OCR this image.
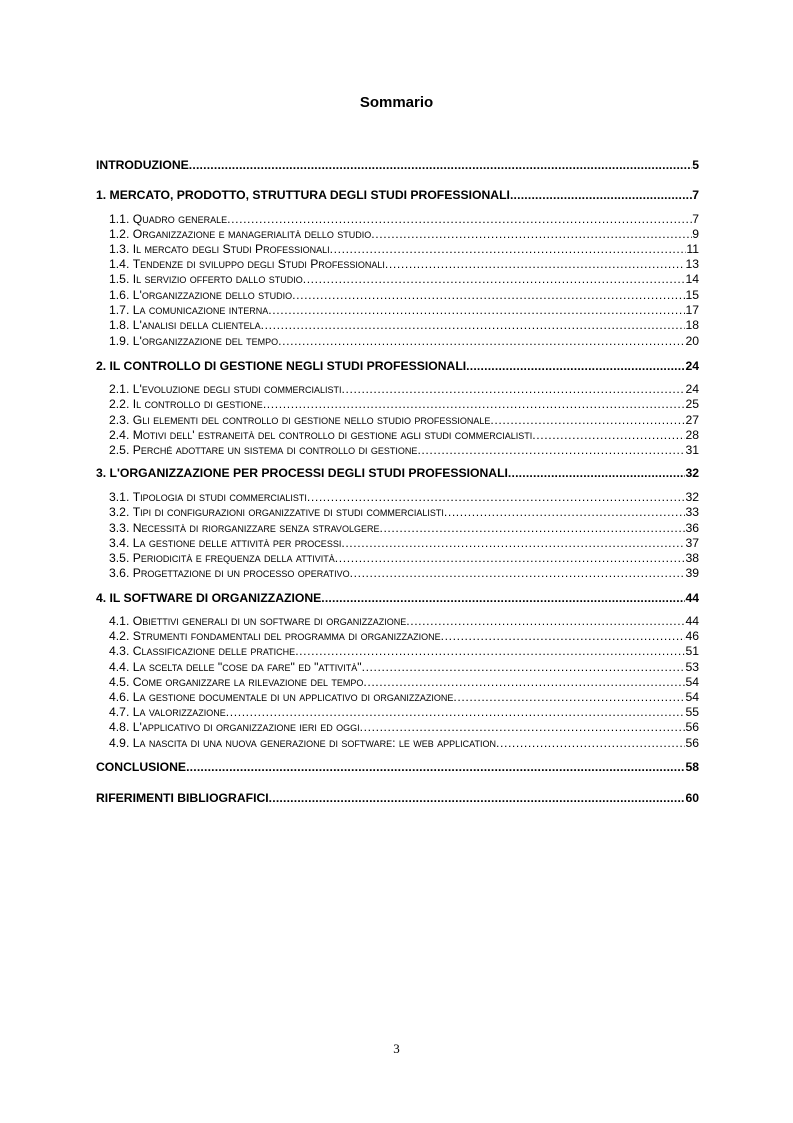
Sommario
INTRODUZIONE .....	5
1. MERCATO, PRODOTTO, STRUTTURA DEGLI STUDI PROFESSIONALI .....	7
1.1. Quadro generale .....	7
1.2. Organizzazione e managerialità dello studio .....	9
1.3. Il mercato degli Studi Professionali .....	11
1.4. Tendenze di sviluppo degli Studi Professionali .....	13
1.5. Il servizio offerto dallo studio .....	14
1.6. L'organizzazione dello studio .....	15
1.7. La comunicazione interna .....	17
1.8. L'analisi della clientela .....	18
1.9. L'organizzazione del tempo .....	20
2. IL CONTROLLO DI GESTIONE NEGLI STUDI PROFESSIONALI .....	24
2.1. L'evoluzione degli studi commercialisti .....	24
2.2. Il controllo di gestione .....	25
2.3. Gli elementi del controllo di gestione nello studio professionale .....	27
2.4. Motivi dell' estraneità del controllo di gestione agli studi commercialisti .....	28
2.5. Perché adottare un sistema di controllo di gestione .....	31
3. L'ORGANIZZAZIONE PER PROCESSI DEGLI STUDI PROFESSIONALI .....	32
3.1. Tipologia di studi commercialisti .....	32
3.2. Tipi di configurazioni organizzative di studi commercialisti .....	33
3.3. Necessità di riorganizzare senza stravolgere .....	36
3.4. La gestione delle attività per processi .....	37
3.5. Periodicità e frequenza della attività .....	38
3.6. Progettazione di un processo operativo .....	39
4. IL SOFTWARE DI ORGANIZZAZIONE .....	44
4.1. Obiettivi generali di un software di organizzazione .....	44
4.2. Strumenti fondamentali del programma di organizzazione .....	46
4.3. Classificazione delle pratiche .....	51
4.4. La scelta delle "cose da fare" ed "attività" .....	53
4.5. Come organizzare la rilevazione del tempo .....	54
4.6. La gestione documentale di un applicativo di organizzazione .....	54
4.7. La valorizzazione .....	55
4.8. L'applicativo di organizzazione ieri ed oggi .....	56
4.9. La nascita di una nuova generazione di software: le web application .....	56
CONCLUSIONE .....	58
RIFERIMENTI BIBLIOGRAFICI .....	60
3
